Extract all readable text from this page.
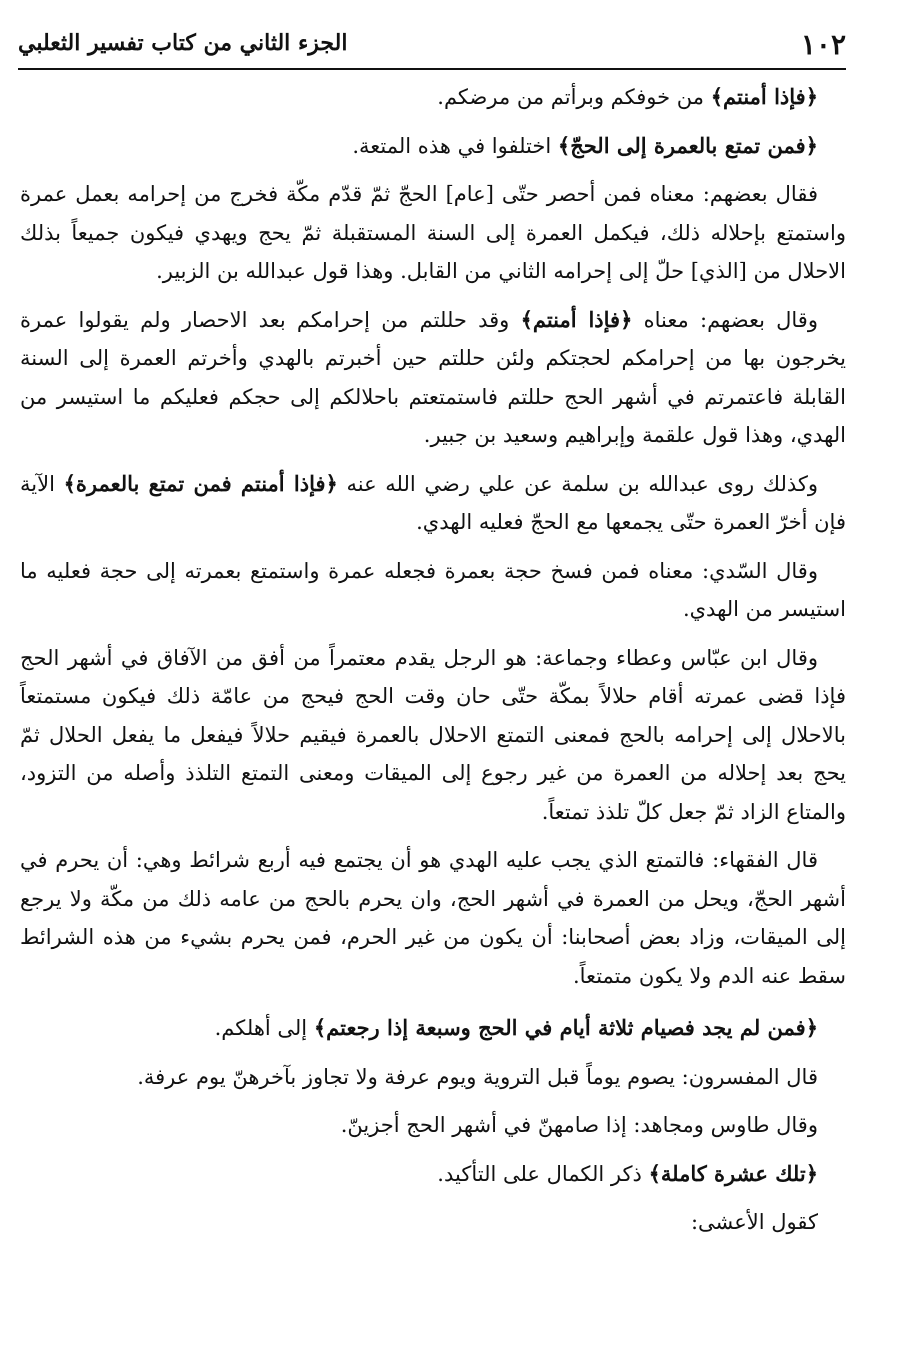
١٠٢
الجزء الثاني من كتاب تفسير الثعلبي

﴿فإذا أمنتم﴾ من خوفكم وبرأتم من مرضكم.

﴿فمن تمتع بالعمرة إلى الحجّ﴾ اختلفوا في هذه المتعة.

فقال بعضهم: معناه فمن أحصر حتّى [عام] الحجّ ثمّ قدّم مكّة فخرج من إحرامه بعمل عمرة واستمتع بإحلاله ذلك، فيكمل العمرة إلى السنة المستقبلة ثمّ يحج ويهدي فيكون جميعاً بذلك الاحلال من [الذي] حلّ إلى إحرامه الثاني من القابل. وهذا قول عبدالله بن الزبير.

وقال بعضهم: معناه ﴿فإذا أمنتم﴾ وقد حللتم من إحرامكم بعد الاحصار ولم يقولوا عمرة يخرجون بها من إحرامكم لحجتكم ولئن حللتم حين أخبرتم بالهدي وأخرتم العمرة إلى السنة القابلة فاعتمرتم في أشهر الحج حللتم فاستمتعتم باحلالكم إلى حجكم فعليكم ما استيسر من الهدي، وهذا قول علقمة وإبراهيم وسعيد بن جبير.

وكذلك روى عبدالله بن سلمة عن علي رضي الله عنه ﴿فإذا أمنتم فمن تمتع بالعمرة﴾ الآية فإن أخرّ العمرة حتّى يجمعها مع الحجّ فعليه الهدي.

وقال السّدي: معناه فمن فسخ حجة بعمرة فجعله عمرة واستمتع بعمرته إلى حجة فعليه ما استيسر من الهدي.

وقال ابن عبّاس وعطاء وجماعة: هو الرجل يقدم معتمراً من أفق من الآفاق في أشهر الحج فإذا قضى عمرته أقام حلالاً بمكّة حتّى حان وقت الحج فيحج من عامّة ذلك فيكون مستمتعاً بالاحلال إلى إحرامه بالحج فمعنى التمتع الاحلال بالعمرة فيقيم حلالاً فيفعل ما يفعل الحلال ثمّ يحج بعد إحلاله من العمرة من غير رجوع إلى الميقات ومعنى التمتع التلذذ وأصله من التزود، والمتاع الزاد ثمّ جعل كلّ تلذذ تمتعاً.

قال الفقهاء: فالتمتع الذي يجب عليه الهدي هو أن يجتمع فيه أربع شرائط وهي: أن يحرم في أشهر الحجّ، ويحل من العمرة في أشهر الحج، وان يحرم بالحج من عامه ذلك من مكّة ولا يرجع إلى الميقات، وزاد بعض أصحابنا: أن يكون من غير الحرم، فمن يحرم بشيء من هذه الشرائط سقط عنه الدم ولا يكون متمتعاً.

﴿فمن لم يجد فصيام ثلاثة أيام في الحج وسبعة إذا رجعتم﴾ إلى أهلكم.

قال المفسرون: يصوم يوماً قبل التروية ويوم عرفة ولا تجاوز بآخرهنّ يوم عرفة.

وقال طاوس ومجاهد: إذا صامهنّ في أشهر الحج أجزينّ.

﴿تلك عشرة كاملة﴾ ذكر الكمال على التأكيد.

كقول الأعشى:
